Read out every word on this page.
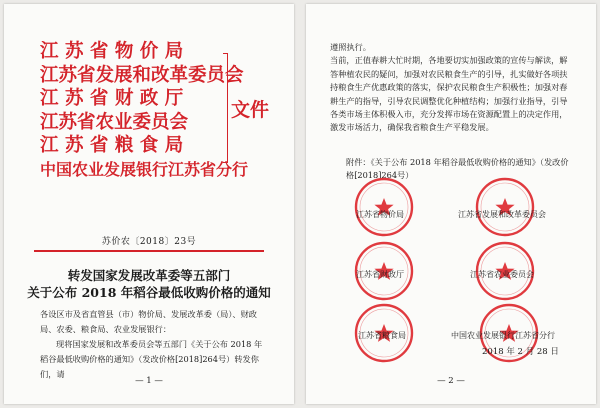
江 苏 省 物 价 局
江苏省发展和改革委员会
江 苏 省 财 政 厅
江苏省农业委员会
江 苏 省 粮 食 局
中国农业发展银行江苏省分行
文件
苏价农〔2018〕23号
转发国家发展改革委等五部门
关于公布 2018 年稻谷最低收购价格的通知
各设区市及省直管县（市）物价局、发展改革委（局）、财政局、农委、粮食局、农业发展银行：
现将国家发展和改革委员会等五部门《关于公布 2018 年稻谷最低收购价格的通知》（发改价格[2018]264号）转发你们，请
— 1 —
遵照执行。
当前，正值春耕大忙时期，各地要切实加强政策的宣传与解读，解答种植农民的疑问，加强对农民粮食生产的引导，扎实做好各项扶持粮食生产优惠政策的落实，保护农民粮食生产积极性；加强对春耕生产的指导，引导农民调整优化种植结构；加强行业指导，引导各类市场主体积极入市，充分发挥市场在资源配置上的决定作用，激发市场活力，确保我省粮食生产平稳发展。
附件：《关于公布 2018 年稻谷最低收购价格的通知》（发改价格[2018]264号）
江苏省物价局	江苏省发展和改革委员会
江苏省财政厅	江苏省农业委员会
江苏省粮食局	中国农业发展银行江苏省分行
2018 年 2 月 28 日
— 2 —
